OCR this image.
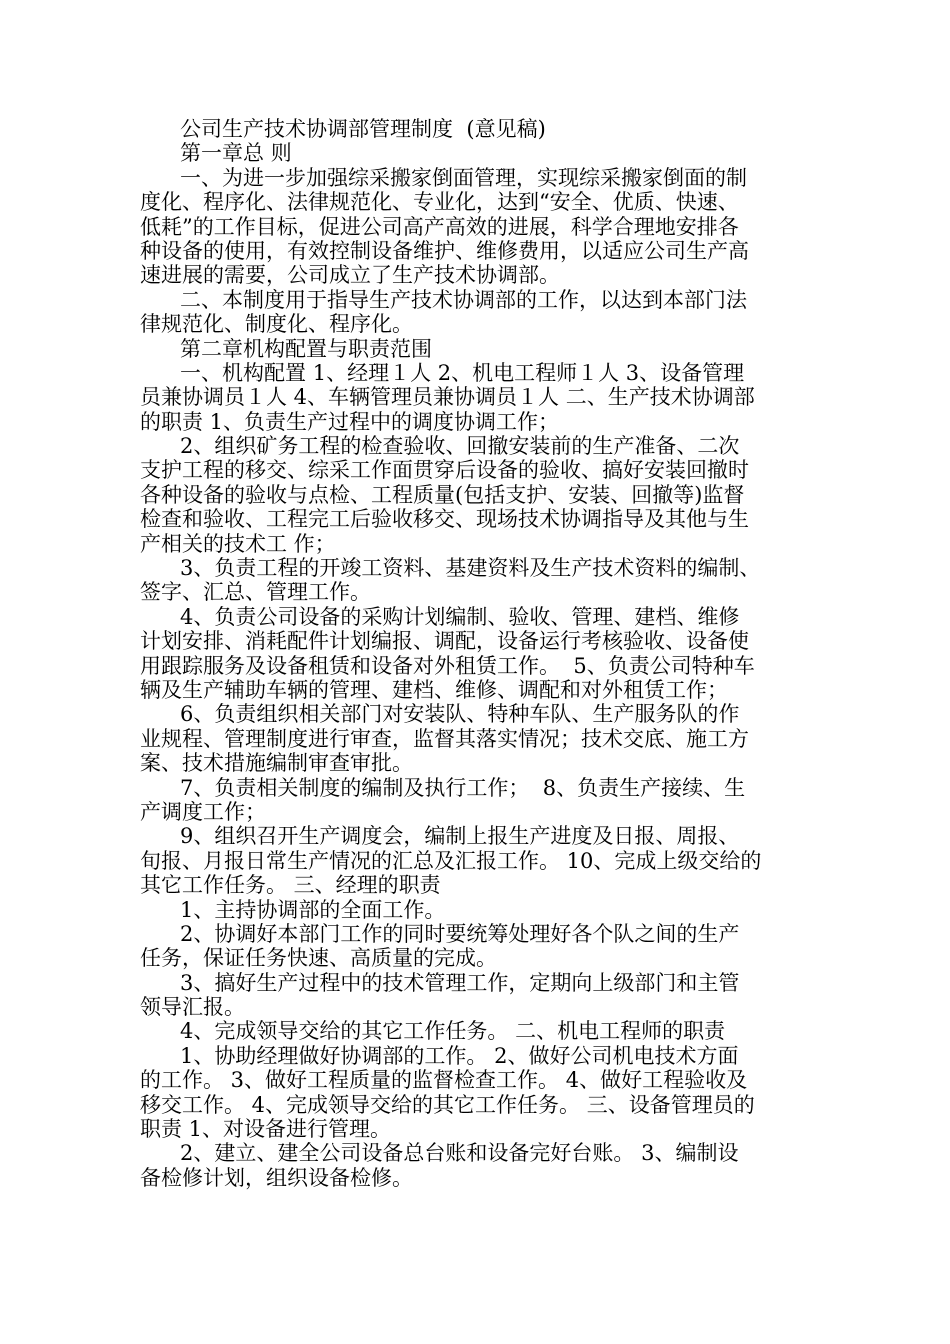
公司生产技术协调部管理制度  (意见稿)
第一章总 则
一、为进一步加强综采搬家倒面管理，实现综采搬家倒面的制
度化、程序化、法律规范化、专业化，达到“安全、优质、快速、
低耗”的工作目标，促进公司高产高效的进展，科学合理地安排各
种设备的使用，有效控制设备维护、维修费用，以适应公司生产高
速进展的需要，公司成立了生产技术协调部。
二、本制度用于指导生产技术协调部的工作，以达到本部门法
律规范化、制度化、程序化。
第二章机构配置与职责范围
一、机构配置 1、经理１人 2、机电工程师１人 3、设备管理
员兼协调员１人 4、车辆管理员兼协调员１人 二、生产技术协调部
的职责 1、负责生产过程中的调度协调工作；
2、组织矿务工程的检查验收、回撤安装前的生产准备、二次
支护工程的移交、综采工作面贯穿后设备的验收、搞好安装回撤时
各种设备的验收与点检、工程质量(包括支护、安装、回撤等)监督
检查和验收、工程完工后验收移交、现场技术协调指导及其他与生
产相关的技术工 作；
3、负责工程的开竣工资料、基建资料及生产技术资料的编制、
签字、汇总、管理工作。
4、负责公司设备的采购计划编制、验收、管理、建档、维修
计划安排、消耗配件计划编报、调配，设备运行考核验收、设备使
用跟踪服务及设备租赁和设备对外租赁工作。  5、负责公司特种车
辆及生产辅助车辆的管理、建档、维修、调配和对外租赁工作；
6、负责组织相关部门对安装队、特种车队、生产服务队的作
业规程、管理制度进行审查，监督其落实情况；技术交底、施工方
案、技术措施编制审查审批。
7、负责相关制度的编制及执行工作；  8、负责生产接续、生
产调度工作；
9、组织召开生产调度会，编制上报生产进度及日报、周报、
旬报、月报日常生产情况的汇总及汇报工作。 10、完成上级交给的
其它工作任务。 三、经理的职责
1、主持协调部的全面工作。
2、协调好本部门工作的同时要统筹处理好各个队之间的生产
任务，保证任务快速、高质量的完成。
3、搞好生产过程中的技术管理工作，定期向上级部门和主管
领导汇报。
4、完成领导交给的其它工作任务。 二、机电工程师的职责
1、协助经理做好协调部的工作。 2、做好公司机电技术方面
的工作。 3、做好工程质量的监督检查工作。 4、做好工程验收及
移交工作。 4、完成领导交给的其它工作任务。 三、设备管理员的
职责 1、对设备进行管理。
2、建立、建全公司设备总台账和设备完好台账。 3、编制设
备检修计划，组织设备检修。
